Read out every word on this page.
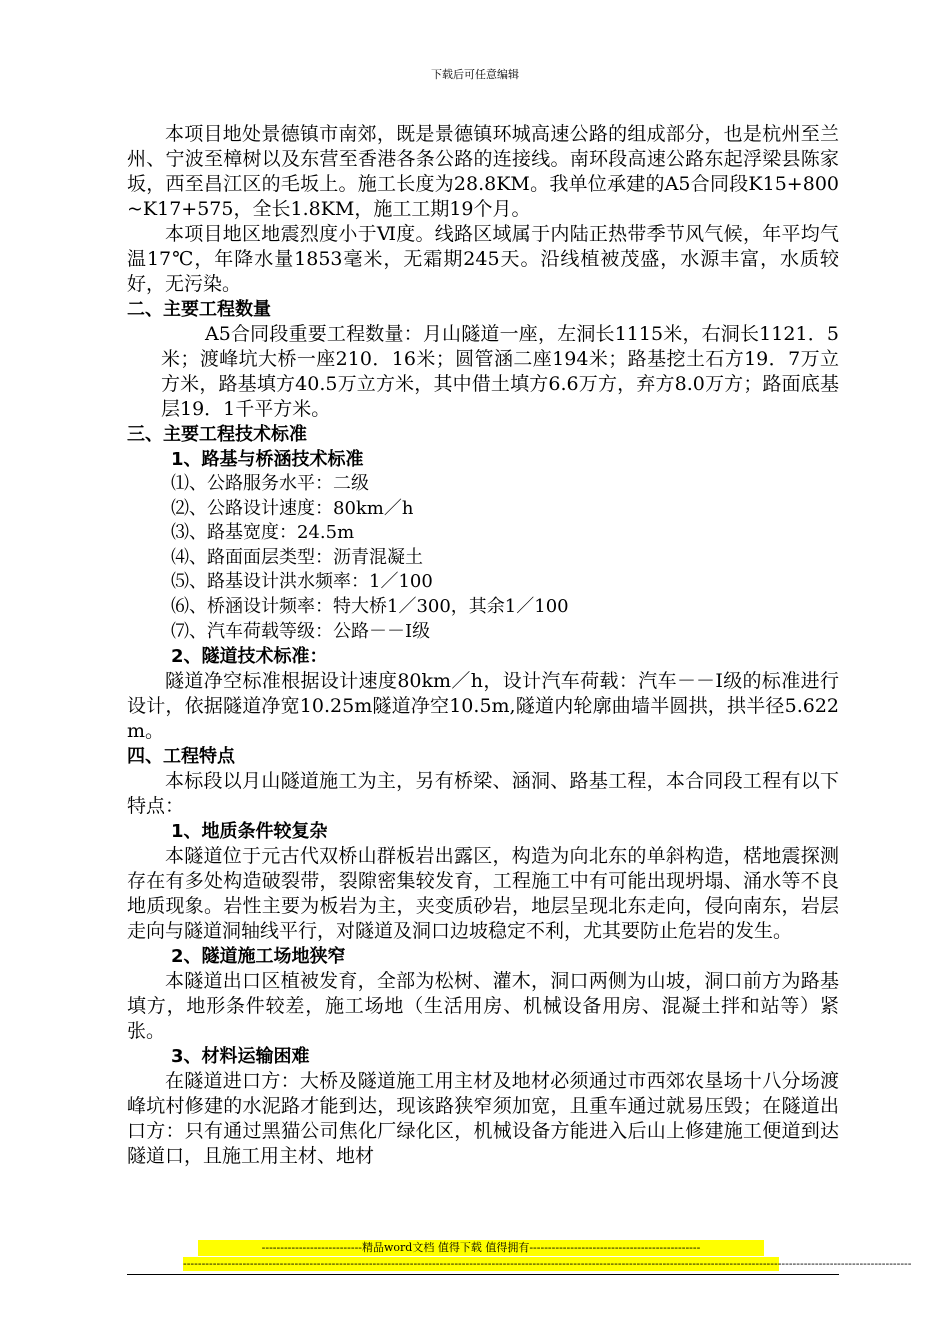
下载后可任意编辑

本项目地处景德镇市南郊，既是景德镇环城高速公路的组成部分，也是杭州至兰州、宁波至樟树以及东营至香港各条公路的连接线。南环段高速公路东起浮梁县陈家坂，西至昌江区的毛坂上。施工长度为28.8KM。我单位承建的A5合同段K15+800~K17+575，全长1.8KM，施工工期19个月。

本项目地区地震烈度小于Ⅵ度。线路区域属于内陆正热带季节风气候，年平均气温17℃，年降水量1853毫米，无霜期245天。沿线植被茂盛，水源丰富，水质较好，无污染。

二、主要工程数量

A5合同段重要工程数量：月山隧道一座，左洞长1115米，右洞长1121．5米；渡峰坑大桥一座210．16米；圆管涵二座194米；路基挖土石方19．7万立方米，路基填方40.5万立方米，其中借土填方6.6万方，弃方8.0万方；路面底基层19．1千平方米。

三、主要工程技术标准

1、路基与桥涵技术标准

⑴、公路服务水平：二级

⑵、公路设计速度：80km／h

⑶、路基宽度：24.5m

⑷、路面面层类型：沥青混凝土

⑸、路基设计洪水频率：1／100

⑹、桥涵设计频率：特大桥1／300，其余1／100

⑺、汽车荷载等级：公路－－Ⅰ级

2、隧道技术标准：

隧道净空标准根据设计速度80km／h，设计汽车荷载：汽车－－Ⅰ级的标准进行设计，依据隧道净宽10.25m隧道净空10.5m,隧道内轮廓曲墙半圆拱，拱半径5.622m。

四、工程特点

本标段以月山隧道施工为主，另有桥梁、涵洞、路基工程，本合同段工程有以下特点：

1、地质条件较复杂

本隧道位于元古代双桥山群板岩出露区，构造为向北东的单斜构造，楛地震探测存在有多处构造破裂带，裂隙密集较发育，工程施工中有可能出现坍塌、涌水等不良地质现象。岩性主要为板岩为主，夹变质砂岩，地层呈现北东走向，侵向南东，岩层走向与隧道洞轴线平行，对隧道及洞口边坡稳定不利，尤其要防止危岩的发生。

2、隧道施工场地狭窄

本隧道出口区植被发育，全部为松树、灌木，洞口两侧为山坡，洞口前方为路基填方，地形条件较差，施工场地（生活用房、机械设备用房、混凝土拌和站等）紧张。

3、材料运输困难

在隧道进口方：大桥及隧道施工用主材及地材必须通过市西郊农垦场十八分场渡峰坑村修建的水泥路才能到达，现该路狭窄须加宽，且重车通过就易压毁；在隧道出口方：只有通过黑猫公司焦化厂绿化区，机械设备方能进入后山上修建施工便道到达隧道口，且施工用主材、地材

---------------------------精品word文档 值得下载 值得拥有----------------------------------------------
----------------------------------------------------------------------------------------------------------------------------------------------------------------------------------------------------
